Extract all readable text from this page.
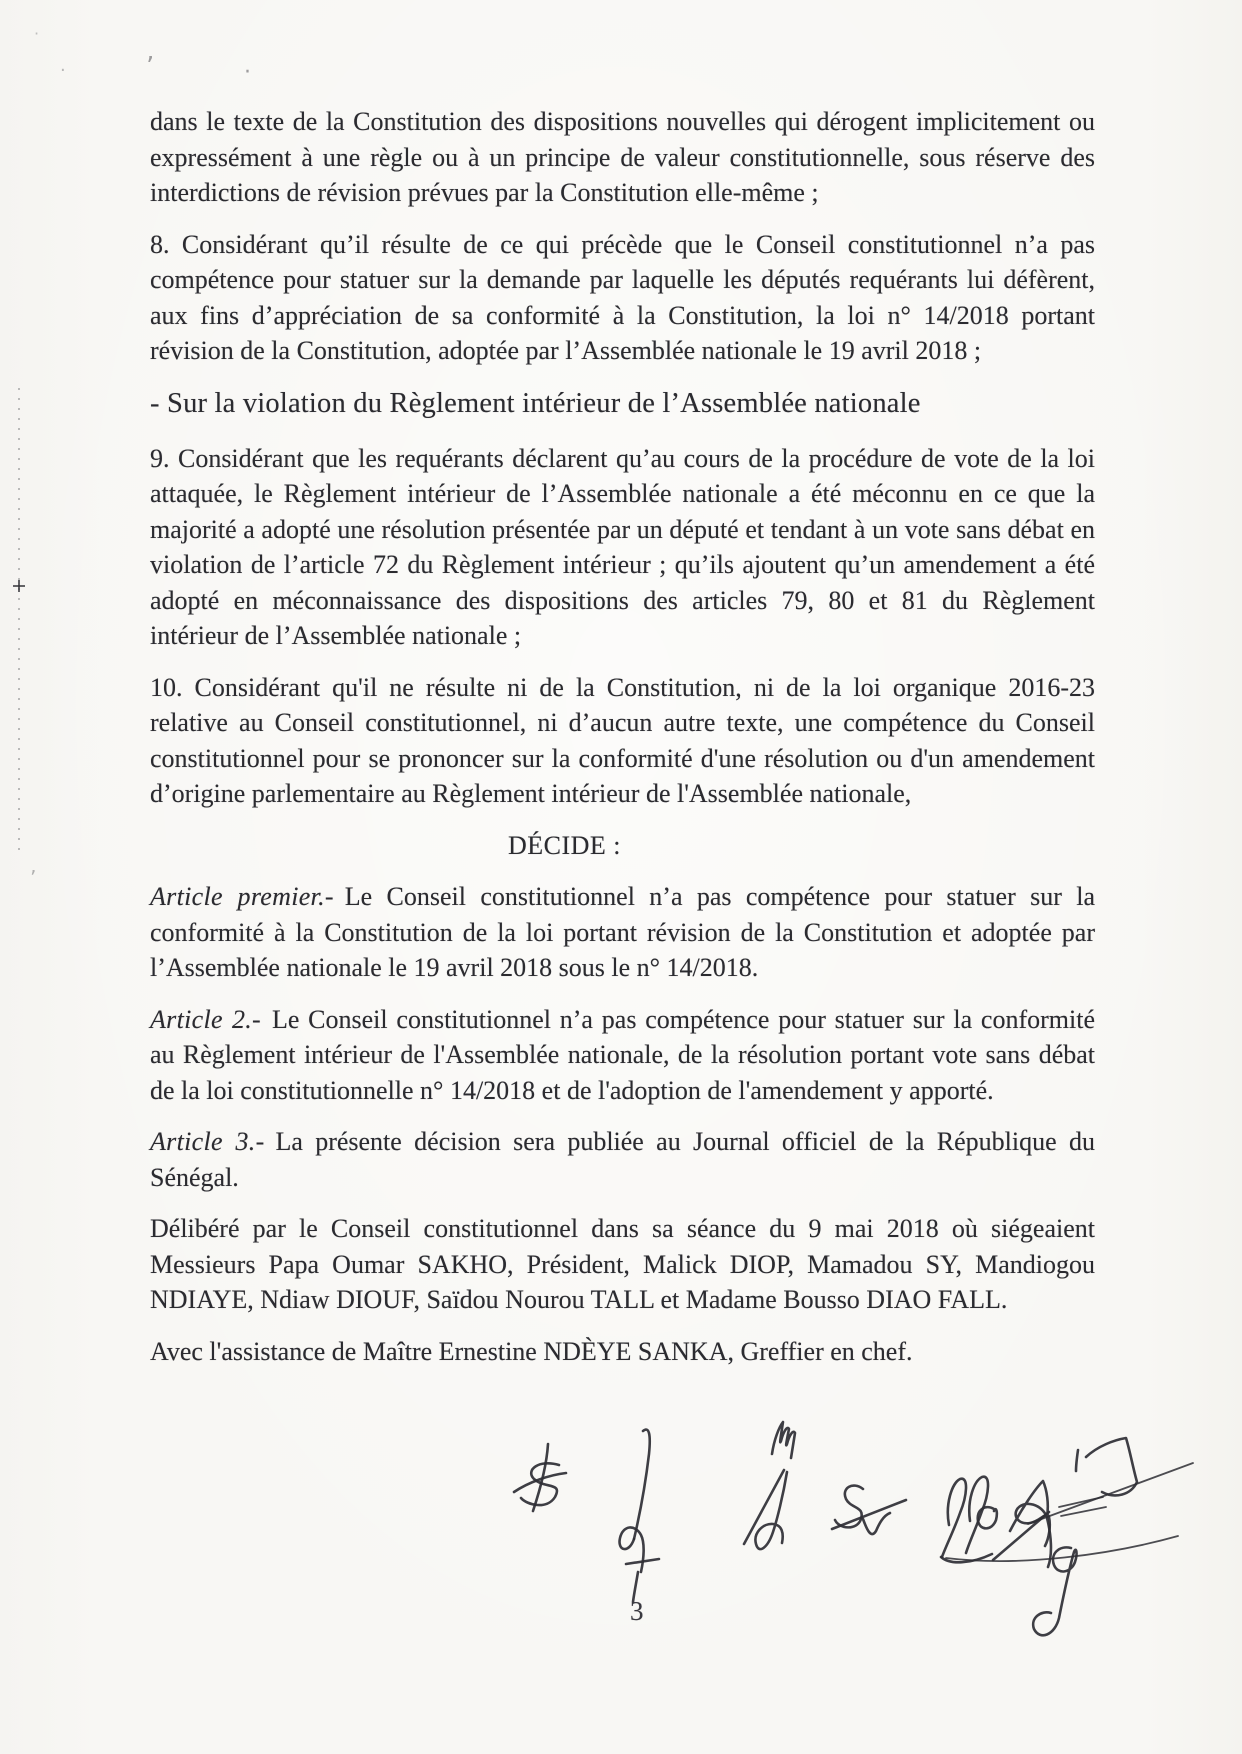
’	·
·
’
·

dans le texte de la Constitution des dispositions nouvelles qui dérogent implicitement ou expressément à une règle ou à un principe de valeur constitutionnelle, sous réserve des interdictions de révision prévues par la Constitution elle-même ;

8. Considérant qu’il résulte de ce qui précède que le Conseil constitutionnel n’a pas compétence pour statuer sur la demande par laquelle les députés requérants lui défèrent, aux fins d’appréciation de sa conformité à la Constitution, la loi n° 14/2018 portant révision de la Constitution, adoptée par l’Assemblée nationale le 19 avril 2018 ;

- Sur la violation du Règlement intérieur de l’Assemblée nationale

9. Considérant que les requérants déclarent qu’au cours de la procédure de vote de la loi attaquée, le Règlement intérieur de l’Assemblée nationale a été méconnu en ce que la majorité a adopté une résolution présentée par un député et tendant à un vote sans débat en violation de l’article 72 du Règlement intérieur ; qu’ils ajoutent qu’un amendement a été adopté en méconnaissance des dispositions des articles 79, 80 et 81 du Règlement intérieur de l’Assemblée nationale ;

10. Considérant qu'il ne résulte ni de la Constitution, ni de la loi organique 2016-23 relative au Conseil constitutionnel, ni d’aucun autre texte, une compétence du Conseil constitutionnel pour se prononcer sur la conformité d'une résolution ou d'un amendement d’origine parlementaire au Règlement intérieur de l'Assemblée nationale,

DÉCIDE :

Article premier.- Le Conseil constitutionnel n’a pas compétence pour statuer sur la conformité à la Constitution de la loi portant révision de la Constitution et adoptée par l’Assemblée nationale le 19 avril 2018 sous le n° 14/2018.

Article 2.- Le Conseil constitutionnel n’a pas compétence pour statuer sur la conformité au Règlement intérieur de l'Assemblée nationale, de la résolution portant vote sans débat de la loi constitutionnelle n° 14/2018 et de l'adoption de l'amendement y apporté.

Article 3.- La présente décision sera publiée au Journal officiel de la République du Sénégal.

Délibéré par le Conseil constitutionnel dans sa séance du 9 mai 2018 où siégeaient Messieurs Papa Oumar SAKHO, Président, Malick DIOP, Mamadou SY, Mandiogou NDIAYE, Ndiaw DIOUF, Saïdou Nourou TALL et Madame Bousso DIAO FALL.

Avec l'assistance de Maître Ernestine NDÈYE SANKA, Greffier en chef.

3
